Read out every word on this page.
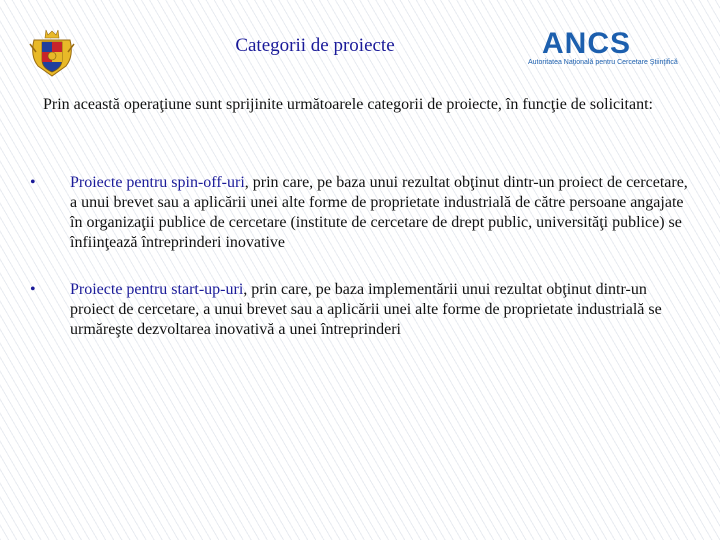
Categorii de proiecte	ANCS
Autoritatea Naţională pentru Cercetare Ştiinţifică

Prin această operaţiune sunt sprijinite următoarele categorii de proiecte, în funcţie de solicitant:

• Proiecte pentru spin-off-uri, prin care, pe baza unui rezultat obţinut dintr-un proiect de cercetare, a unui brevet sau a aplicării unei alte forme de proprietate industrială de către persoane angajate în organizaţii publice de cercetare (institute de cercetare de drept public, universităţi publice) se înfiinţează întreprinderi inovative
• Proiecte pentru start-up-uri, prin care, pe baza implementării unui rezultat obţinut dintr-un proiect de cercetare, a unui brevet sau a aplicării unei alte forme de proprietate industrială se urmăreşte dezvoltarea inovativă a unei întreprinderi
